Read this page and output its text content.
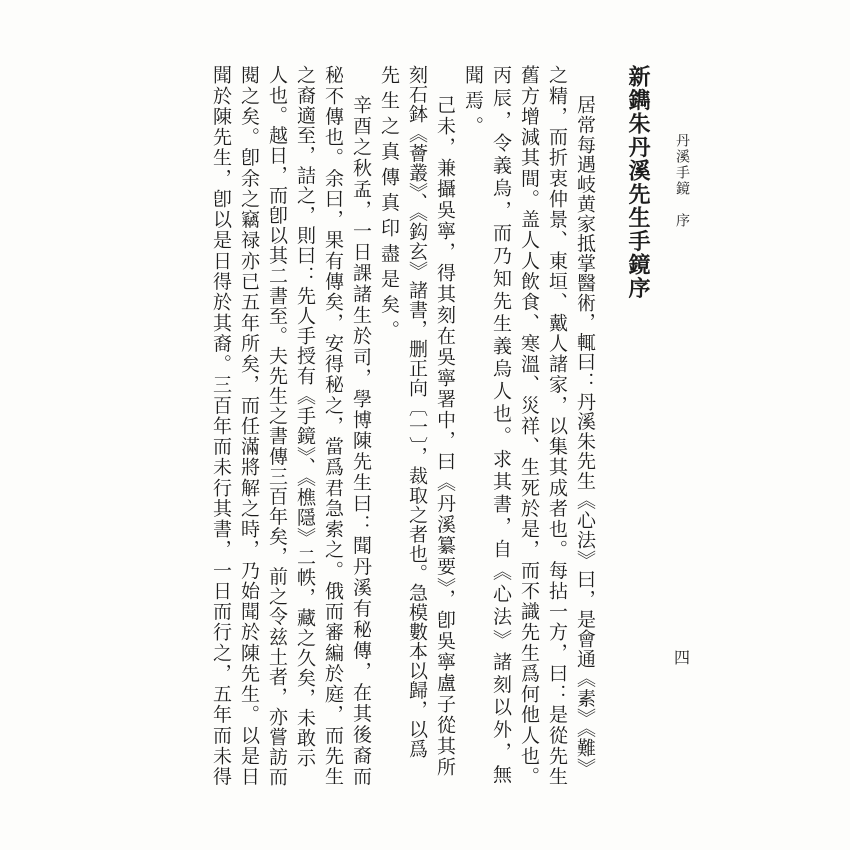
丹溪手鏡　序
四
新鐫朱丹溪先生手鏡序
居常每遇岐黄家抵掌醫術，輒曰：丹溪朱先生《心法》曰，是會通《素》《難》
之精，而折衷仲景、東垣、戴人諸家，以集其成者也。每拈一方，曰：是從先生
舊方增減其間。盖人人飲食、寒溫、災祥、生死於是，而不識先生爲何他人也。
丙辰，令義烏，而乃知先生義烏人也。求其書，自《心法》諸刻以外，無
聞焉。
己未，兼攝吳寧，得其刻在吳寧署中，曰《丹溪纂要》，卽吳寧盧子從其所
刻石鉢《薈叢》、《鈎玄》諸書，删正向〔一〕，裁取之者也。急模數本以歸，以爲
先生之真傳真印盡是矣。
辛酉之秋孟，一日課諸生於司，學博陳先生曰：聞丹溪有秘傳，在其後裔而
秘不傳也。余曰，果有傳矣，安得秘之，當爲君急索之。俄而審編於庭，而先生
之裔適至，詰之，則曰：先人手授有《手鏡》、《樵隱》二帙，藏之久矣，未敢示
人也。越日，而卽以其二書至。夫先生之書傳三百年矣，前之令兹土者，亦嘗訪而
閱之矣。卽余之竊禄亦已五年所矣，而任滿將解之時，乃始聞於陳先生。以是日
聞於陳先生，卽以是日得於其裔。三百年而未行其書，一日而行之，五年而未得
